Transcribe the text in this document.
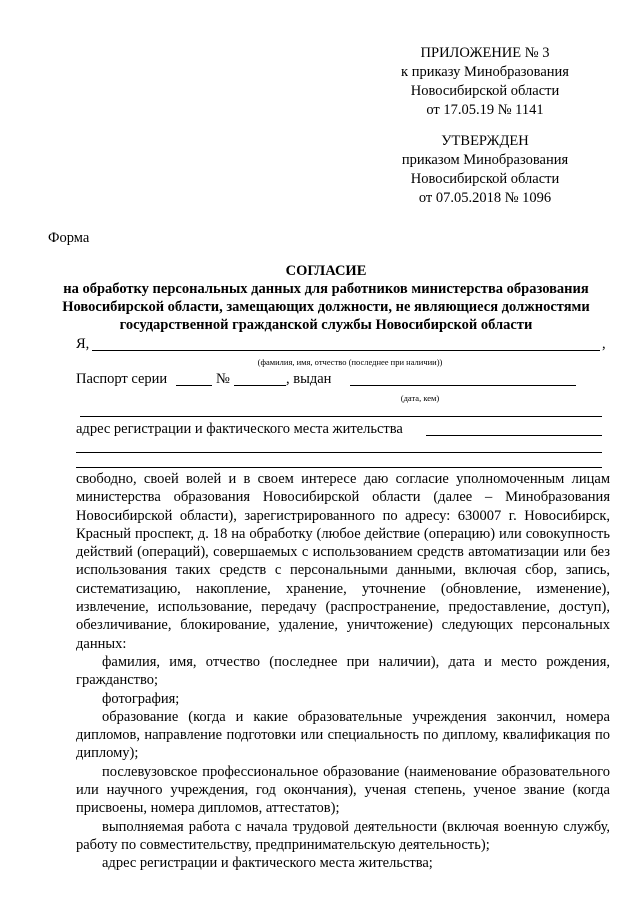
ПРИЛОЖЕНИЕ № 3
к приказу Минобразования
Новосибирской области
от 17.05.19 № 1141
УТВЕРЖДЕН
приказом Минобразования
Новосибирской области
от 07.05.2018 № 1096
Форма
СОГЛАСИЕ
на обработку персональных данных для работников министерства образования
Новосибирской области, замещающих должности, не являющиеся должностями
государственной гражданской службы Новосибирской области
Я,	,
(фамилия, имя, отчество (последнее при наличии))
Паспорт серии	№	, выдан
(дата, кем)
адрес регистрации и фактического места жительства

свободно, своей волей и в своем интересе даю согласие уполномоченным лицам министерства образования Новосибирской области (далее – Минобразования Новосибирской области), зарегистрированного по адресу: 630007 г. Новосибирск, Красный проспект, д. 18 на обработку (любое действие (операцию) или совокупность действий (операций), совершаемых с использованием средств автоматизации или без использования таких средств с персональными данными, включая сбор, запись, систематизацию, накопление, хранение, уточнение (обновление, изменение), извлечение, использование, передачу (распространение, предоставление, доступ), обезличивание, блокирование, удаление, уничтожение) следующих персональных данных:

фамилия, имя, отчество (последнее при наличии), дата и место рождения, гражданство;

фотография;

образование (когда и какие образовательные учреждения закончил, номера дипломов, направление подготовки или специальность по диплому, квалификация по диплому);

послевузовское профессиональное образование (наименование образовательного или научного учреждения, год окончания), ученая степень, ученое звание (когда присвоены, номера дипломов, аттестатов);

выполняемая работа с начала трудовой деятельности (включая военную службу, работу по совместительству, предпринимательскую деятельность);

адрес регистрации и фактического места жительства;
